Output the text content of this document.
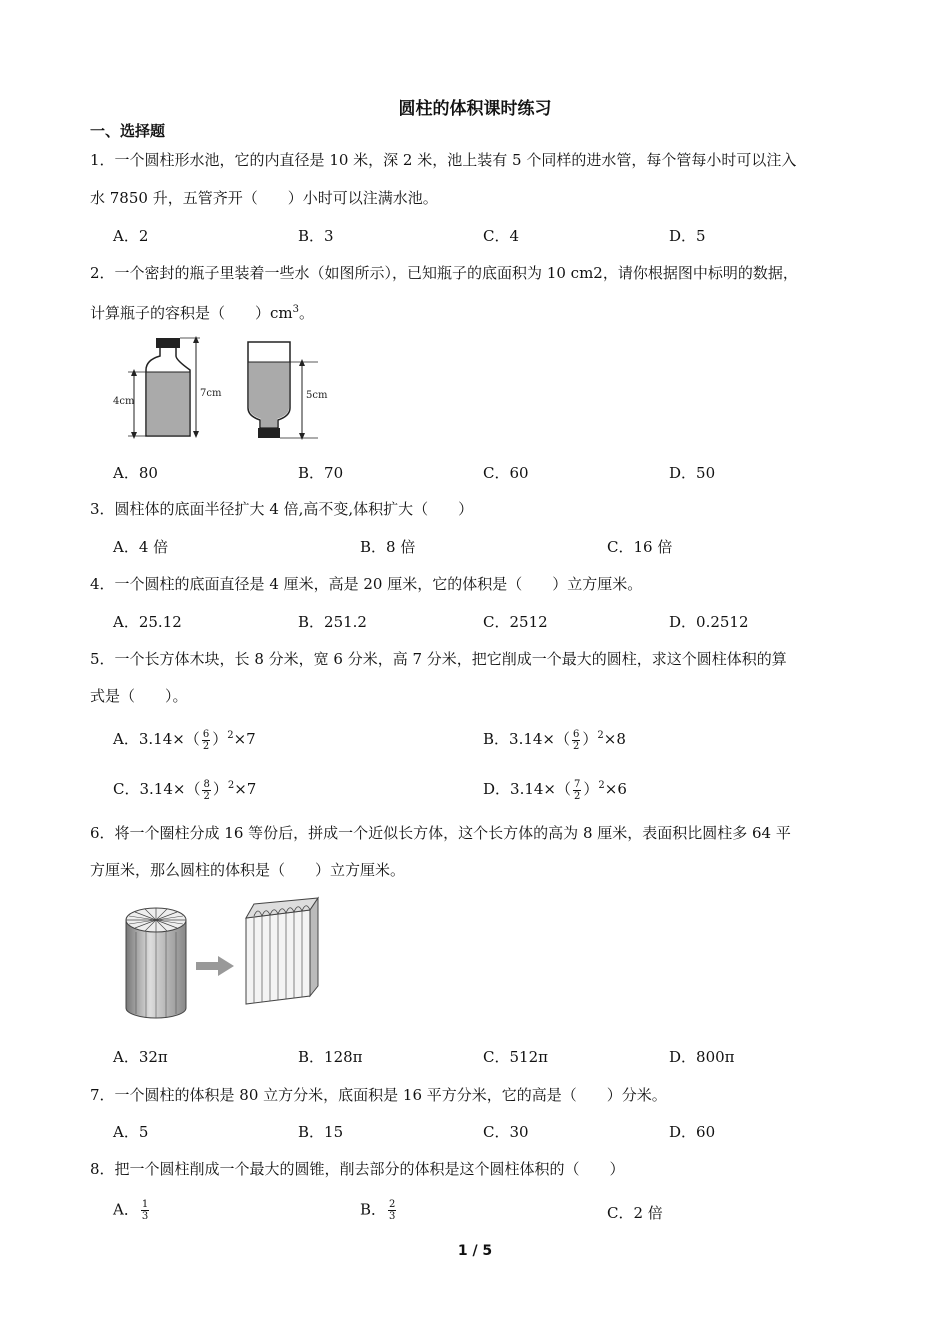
圆柱的体积课时练习
一、选择题
1．一个圆柱形水池，它的内直径是 10 米，深 2 米，池上装有 5 个同样的进水管，每个管每小时可以注入
水 7850 升，五管齐开（　　）小时可以注满水池。
A．2	B．3	C．4	D．5
2．一个密封的瓶子里装着一些水（如图所示），已知瓶子的底面积为 10 cm2，请你根据图中标明的数据，
计算瓶子的容积是（　　）$cm^3$。
4cm
7cm	5cm
A．80	B．70	C．60	D．50
3．圆柱体的底面半径扩大 4 倍,高不变,体积扩大（　　）
A．4 倍	B．8 倍	C．16 倍
4．一个圆柱的底面直径是 4 厘米，高是 20 厘米，它的体积是（　　）立方厘米。
A．25.12	B．251.2	C．2512	D．0.2512
5．一个长方体木块，长 8 分米，宽 6 分米，高 7 分米，把它削成一个最大的圆柱，求这个圆柱体积的算
式是（　　）。
A．$3.14\times( \frac{6}{2} )^2\times 7$	B．$3.14\times( \frac{6}{2} )^2\times 8$
C．$3.14\times( \frac{8}{2} )^2\times 7$	D．$3.14\times( \frac{7}{2} )^2\times 6$
6．将一个圈柱分成 16 等份后，拼成一个近似长方体，这个长方体的高为 8 厘米，表面积比圆柱多 64 平
方厘米，那么圆柱的体积是（　　）立方厘米。
A．32π	B．128π	C．512π	D．800π
7．一个圆柱的体积是 80 立方分米，底面积是 16 平方分米，它的高是（　　）分米。
A．5	B．15	C．30	D．60
8．把一个圆柱削成一个最大的圆锥，削去部分的体积是这个圆柱体积的（　　）
A． $\frac{1}{3}$	B． $\frac{2}{3}$	C．2 倍
1 / 5
